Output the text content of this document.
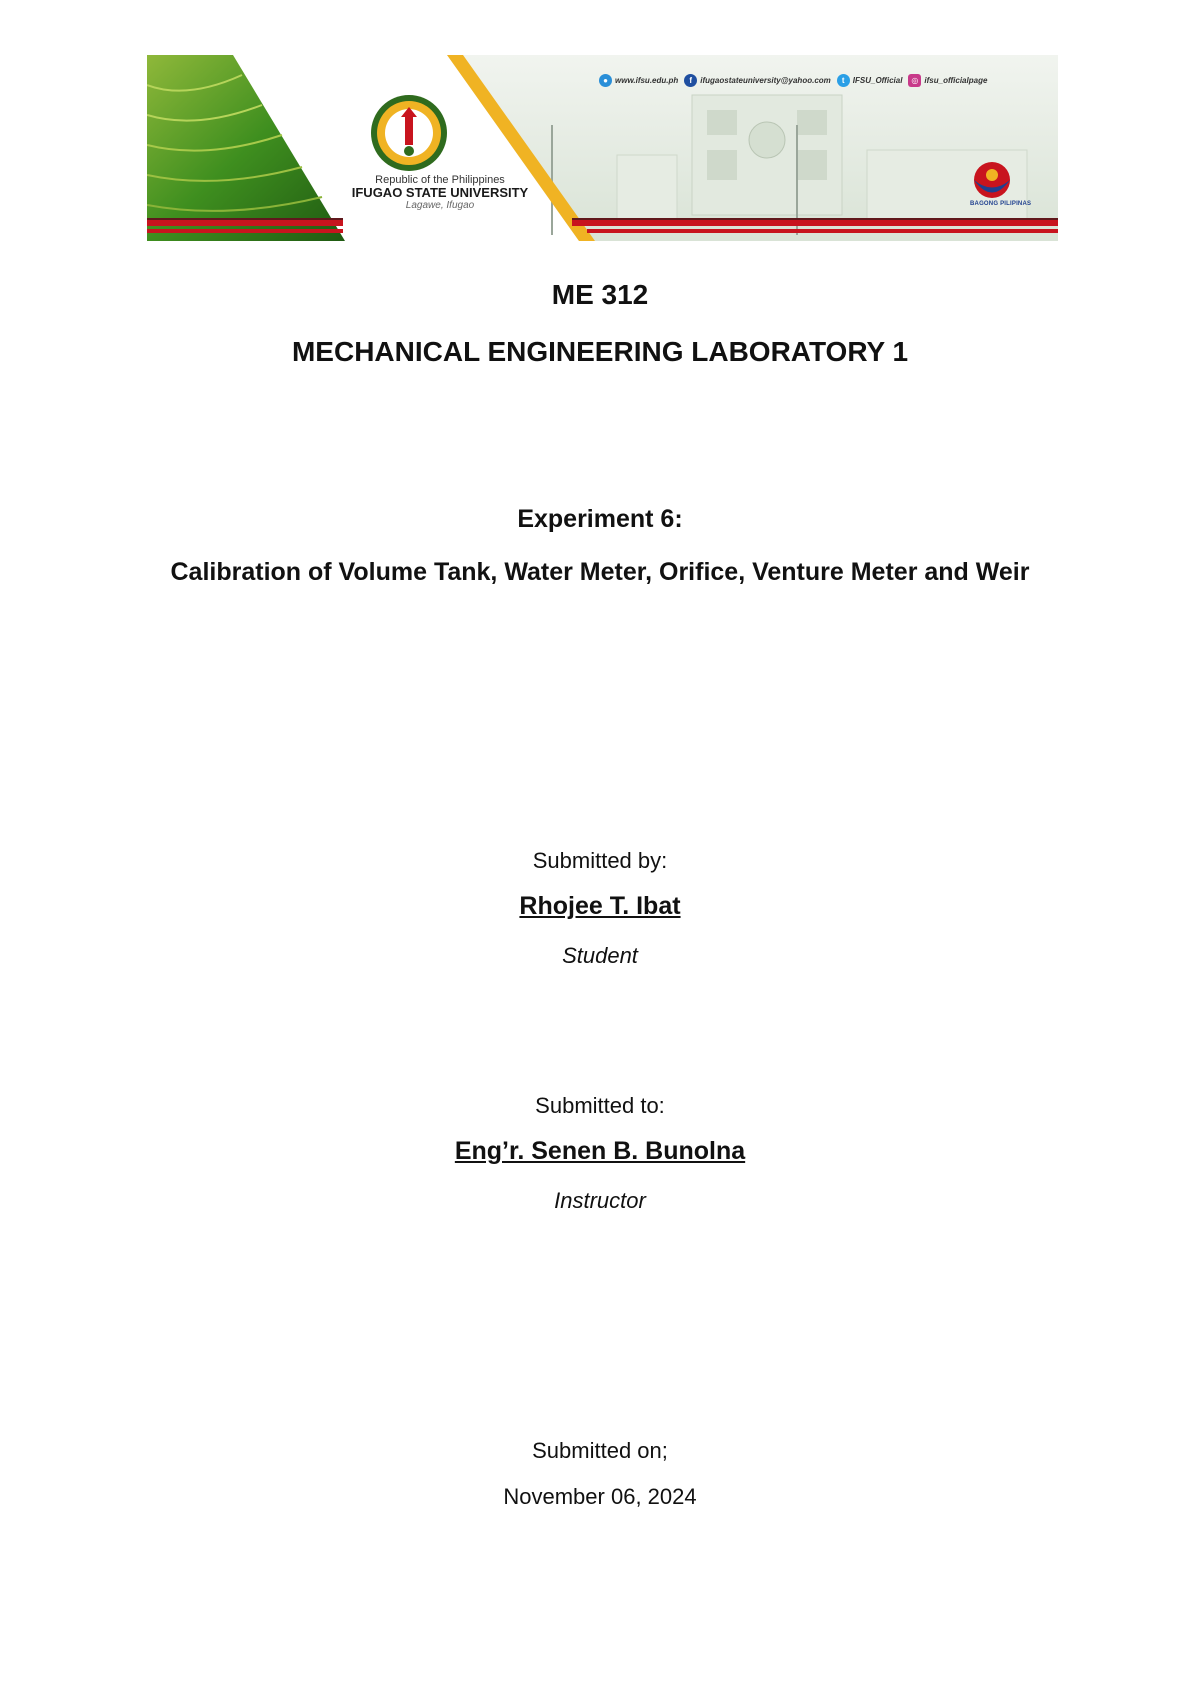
● www.ifsu.edu.ph	f	ifugaostateuniversity@yahoo.com	t	IFSU_Official	◎ ifsu_officialpage
Republic of the Philippines
IFUGAO STATE UNIVERSITY
Lagawe, Ifugao	BAGONG PILIPINAS
ME 312
MECHANICAL ENGINEERING LABORATORY 1
Experiment 6:
Calibration of Volume Tank, Water Meter, Orifice, Venture Meter and Weir
Submitted by:
Rhojee T. Ibat
Student
Submitted to:
Eng’r. Senen B. Bunolna
Instructor
Submitted on;
November 06, 2024
